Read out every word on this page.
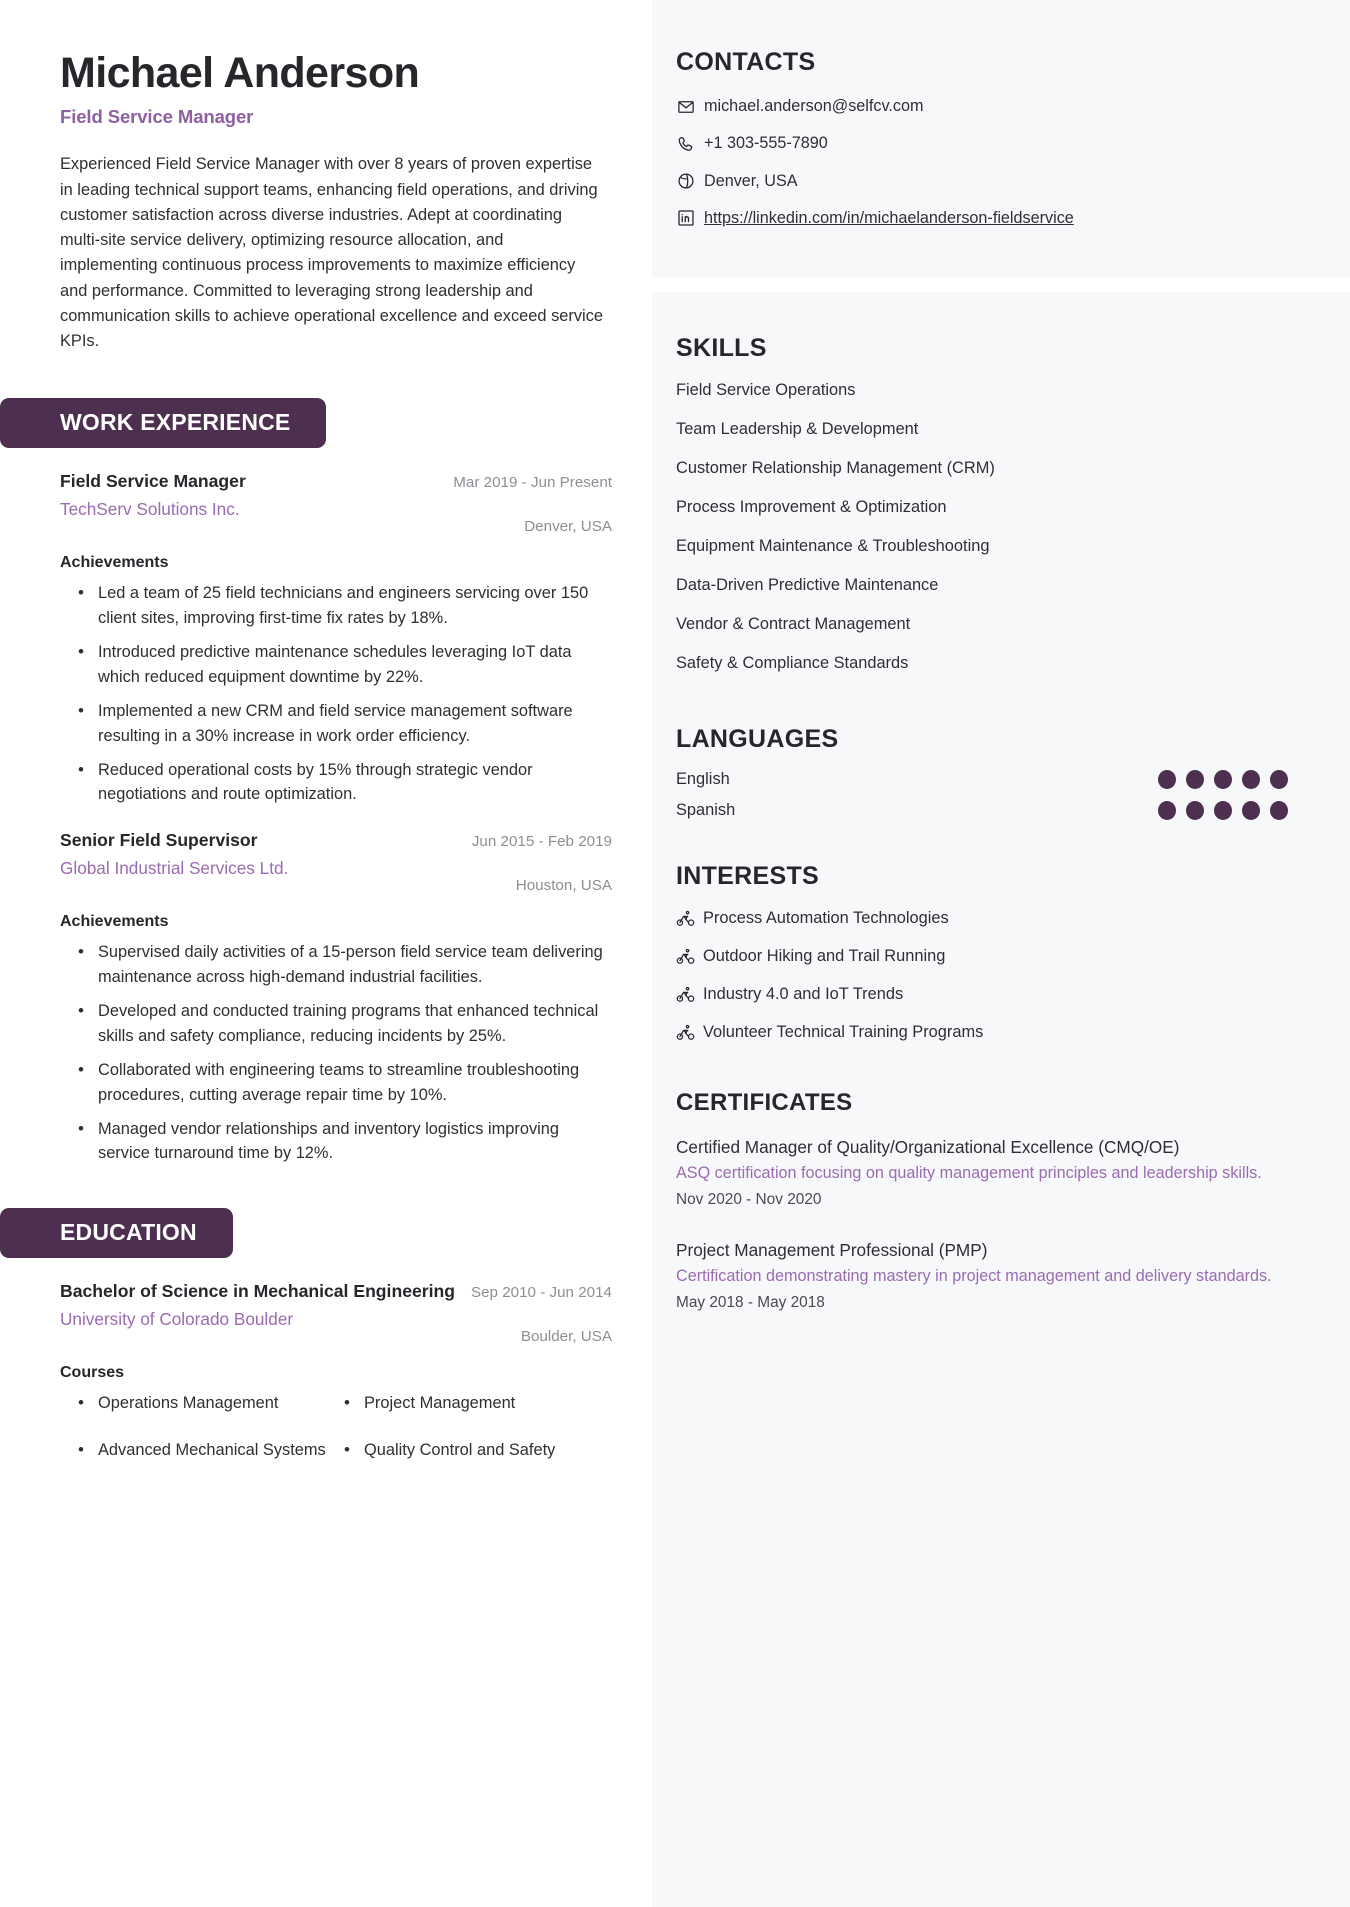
Michael Anderson
Field Service Manager
Experienced Field Service Manager with over 8 years of proven expertise in leading technical support teams, enhancing field operations, and driving customer satisfaction across diverse industries. Adept at coordinating multi-site service delivery, optimizing resource allocation, and implementing continuous process improvements to maximize efficiency and performance. Committed to leveraging strong leadership and communication skills to achieve operational excellence and exceed service KPIs.
WORK EXPERIENCE
Field Service Manager
TechServ Solutions Inc.
Mar 2019 - Jun Present
Denver, USA
Achievements
• Led a team of 25 field technicians and engineers servicing over 150 client sites, improving first-time fix rates by 18%.
• Introduced predictive maintenance schedules leveraging IoT data which reduced equipment downtime by 22%.
• Implemented a new CRM and field service management software resulting in a 30% increase in work order efficiency.
• Reduced operational costs by 15% through strategic vendor negotiations and route optimization.
Senior Field Supervisor
Global Industrial Services Ltd.
Jun 2015 - Feb 2019
Houston, USA
Achievements
• Supervised daily activities of a 15-person field service team delivering maintenance across high-demand industrial facilities.
• Developed and conducted training programs that enhanced technical skills and safety compliance, reducing incidents by 25%.
• Collaborated with engineering teams to streamline troubleshooting procedures, cutting average repair time by 10%.
• Managed vendor relationships and inventory logistics improving service turnaround time by 12%.
EDUCATION
Bachelor of Science in Mechanical Engineering
University of Colorado Boulder
Sep 2010 - Jun 2014
Boulder, USA
Courses
• Operations Management	• Project Management
• Advanced Mechanical Systems	• Quality Control and Safety
CONTACTS
michael.anderson@selfcv.com
+1 303-555-7890
Denver, USA
https://linkedin.com/in/michaelanderson-fieldservice
SKILLS
Field Service Operations
Team Leadership & Development
Customer Relationship Management (CRM)
Process Improvement & Optimization
Equipment Maintenance & Troubleshooting
Data-Driven Predictive Maintenance
Vendor & Contract Management
Safety & Compliance Standards
LANGUAGES
English
Spanish
INTERESTS
Process Automation Technologies
Outdoor Hiking and Trail Running
Industry 4.0 and IoT Trends
Volunteer Technical Training Programs
CERTIFICATES
Certified Manager of Quality/Organizational Excellence (CMQ/OE)
ASQ certification focusing on quality management principles and leadership skills.
Nov 2020 - Nov 2020
Project Management Professional (PMP)
Certification demonstrating mastery in project management and delivery standards.
May 2018 - May 2018
